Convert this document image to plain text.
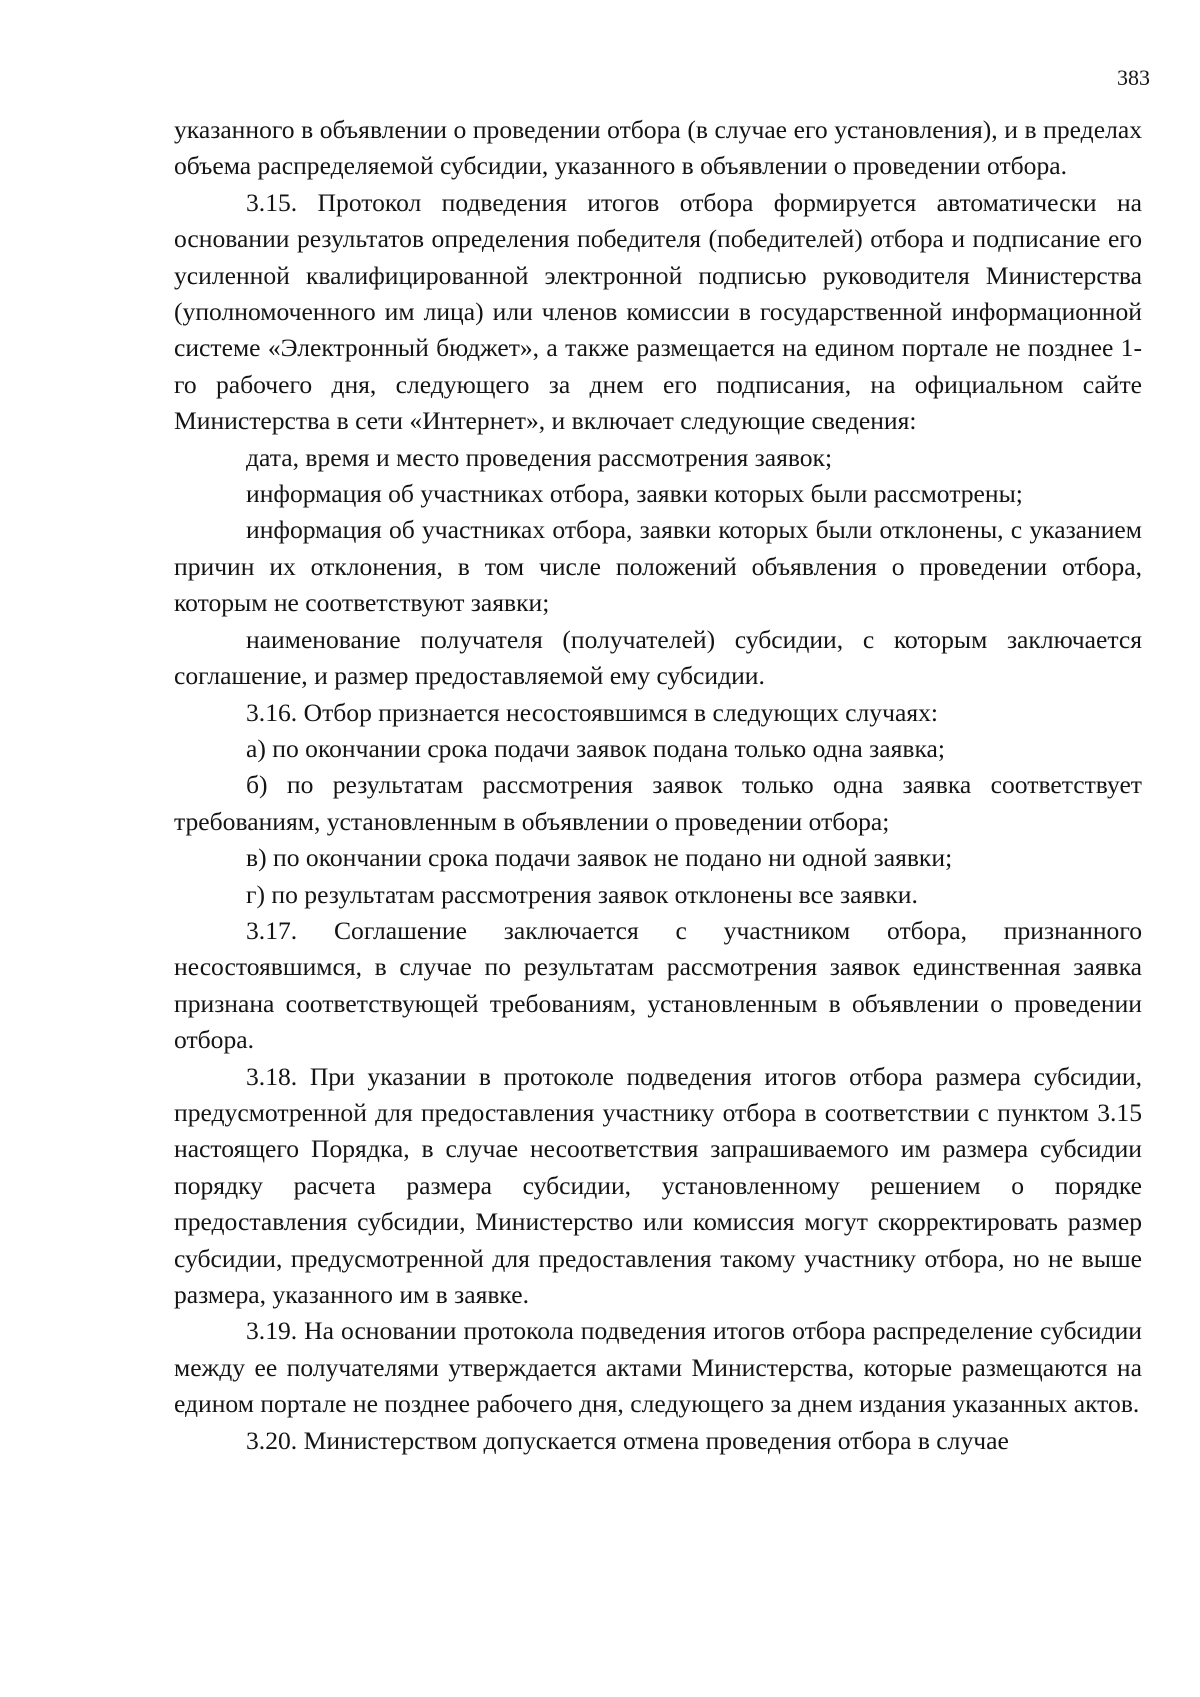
383

указанного в объявлении о проведении отбора (в случае его установления), и в пределах объема распределяемой субсидии, указанного в объявлении о проведении отбора.

3.15. Протокол подведения итогов отбора формируется автоматически на основании результатов определения победителя (победителей) отбора и подписание его усиленной квалифицированной электронной подписью руководителя Министерства (уполномоченного им лица) или членов комиссии в государственной информационной системе «Электронный бюджет», а также размещается на едином портале не позднее 1-го рабочего дня, следующего за днем его подписания, на официальном сайте Министерства в сети «Интернет», и включает следующие сведения:

дата, время и место проведения рассмотрения заявок;

информация об участниках отбора, заявки которых были рассмотрены;

информация об участниках отбора, заявки которых были отклонены, с указанием причин их отклонения, в том числе положений объявления о проведении отбора, которым не соответствуют заявки;

наименование получателя (получателей) субсидии, с которым заключается соглашение, и размер предоставляемой ему субсидии.

3.16. Отбор признается несостоявшимся в следующих случаях:

а) по окончании срока подачи заявок подана только одна заявка;

б) по результатам рассмотрения заявок только одна заявка соответствует требованиям, установленным в объявлении о проведении отбора;

в) по окончании срока подачи заявок не подано ни одной заявки;

г) по результатам рассмотрения заявок отклонены все заявки.

3.17. Соглашение заключается с участником отбора, признанного несостоявшимся, в случае по результатам рассмотрения заявок единственная заявка признана соответствующей требованиям, установленным в объявлении о проведении отбора.

3.18. При указании в протоколе подведения итогов отбора размера субсидии, предусмотренной для предоставления участнику отбора в соответствии с пунктом 3.15 настоящего Порядка, в случае несоответствия запрашиваемого им размера субсидии порядку расчета размера субсидии, установленному решением о порядке предоставления субсидии, Министерство или комиссия могут скорректировать размер субсидии, предусмотренной для предоставления такому участнику отбора, но не выше размера, указанного им в заявке.

3.19. На основании протокола подведения итогов отбора распределение субсидии между ее получателями утверждается актами Министерства, которые размещаются на едином портале не позднее рабочего дня, следующего за днем издания указанных актов.

3.20. Министерством допускается отмена проведения отбора в случае
